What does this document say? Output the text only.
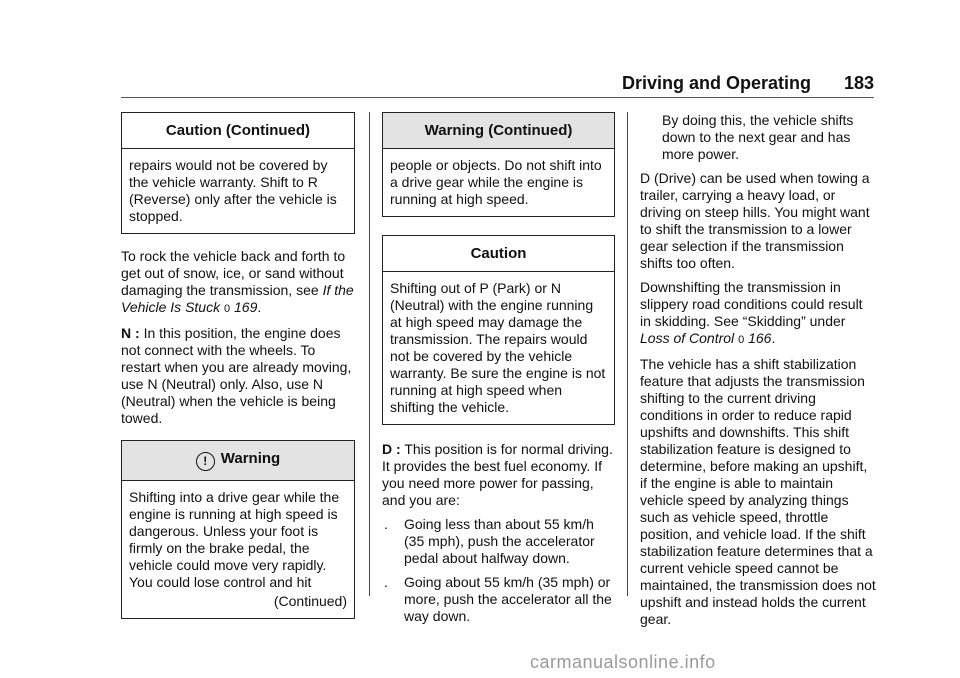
Driving and Operating 183
Caution (Continued)

repairs would not be covered by the vehicle warranty. Shift to R (Reverse) only after the vehicle is stopped.

To rock the vehicle back and forth to get out of snow, ice, or sand without damaging the transmission, see If the Vehicle Is Stuck 0 169.

N : In this position, the engine does not connect with the wheels. To restart when you are already moving, use N (Neutral) only. Also, use N (Neutral) when the vehicle is being towed.

! Warning

Shifting into a drive gear while the engine is running at high speed is dangerous. Unless your foot is firmly on the brake pedal, the vehicle could move very rapidly. You could lose control and hit

(Continued)
Warning (Continued)

people or objects. Do not shift into a drive gear while the engine is running at high speed.

Caution

Shifting out of P (Park) or N (Neutral) with the engine running at high speed may damage the transmission. The repairs would not be covered by the vehicle warranty. Be sure the engine is not running at high speed when shifting the vehicle.

D : This position is for normal driving. It provides the best fuel economy. If you need more power for passing, and you are:

. Going less than about 55 km/h (35 mph), push the accelerator pedal about halfway down.
. Going about 55 km/h (35 mph) or more, push the accelerator all the way down.

By doing this, the vehicle shifts down to the next gear and has more power.

D (Drive) can be used when towing a trailer, carrying a heavy load, or driving on steep hills. You might want to shift the transmission to a lower gear selection if the transmission shifts too often.

Downshifting the transmission in slippery road conditions could result in skidding. See “Skidding” under Loss of Control 0 166.

The vehicle has a shift stabilization feature that adjusts the transmission shifting to the current driving conditions in order to reduce rapid upshifts and downshifts. This shift stabilization feature is designed to determine, before making an upshift, if the engine is able to maintain vehicle speed by analyzing things such as vehicle speed, throttle position, and vehicle load. If the shift stabilization feature determines that a current vehicle speed cannot be maintained, the transmission does not upshift and instead holds the current gear.

carmanualsonline.info
